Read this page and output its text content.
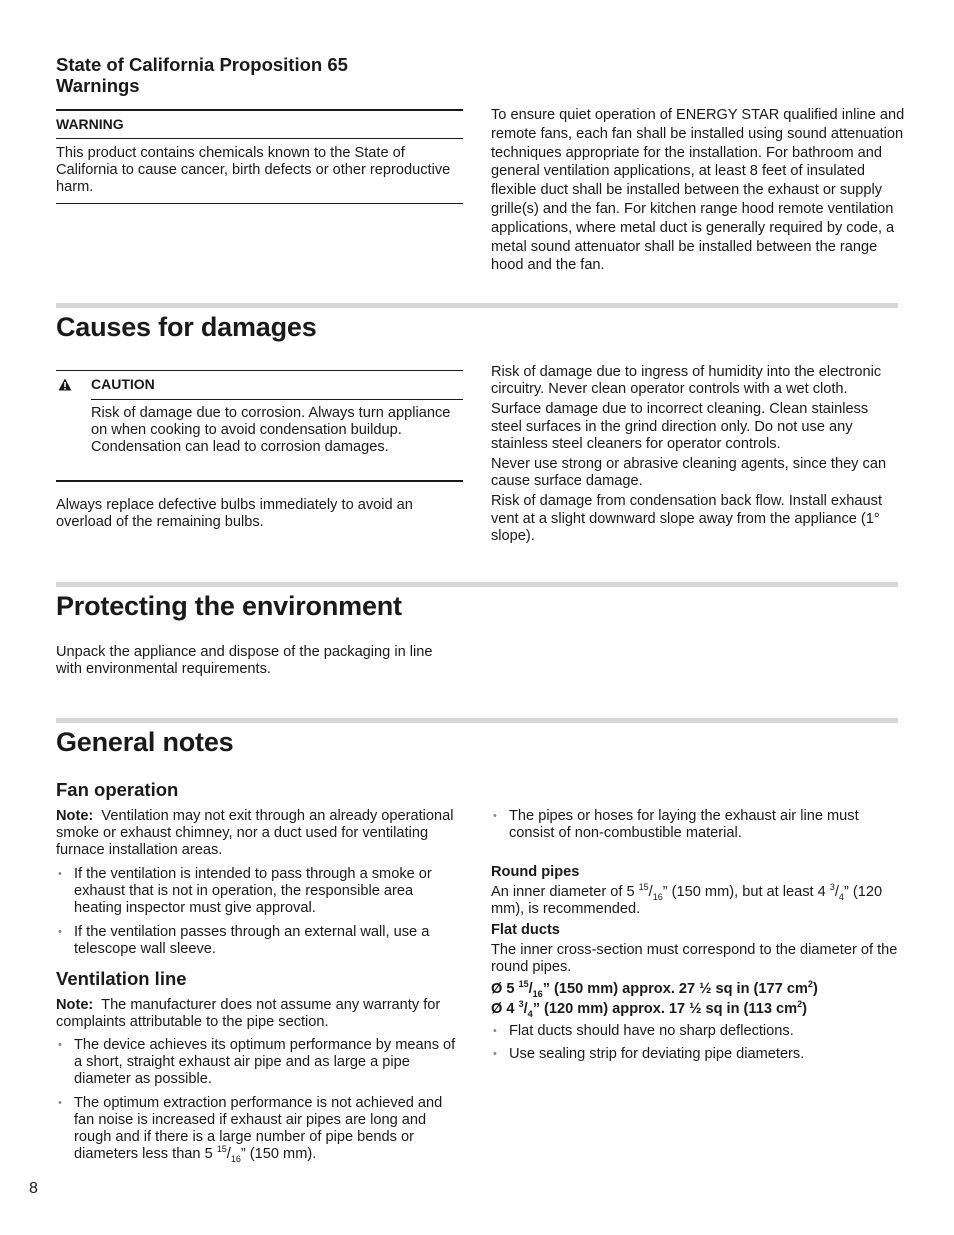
State of California Proposition 65 Warnings
WARNING

This product contains chemicals known to the State of California to cause cancer, birth defects or other reproductive harm.

To ensure quiet operation of ENERGY STAR qualified inline and remote fans, each fan shall be installed using sound attenuation techniques appropriate for the installation. For bathroom and general ventilation applications, at least 8 feet of insulated flexible duct shall be installed between the exhaust or supply grille(s) and the fan. For kitchen range hood remote ventilation applications, where metal duct is generally required by code, a metal sound attenuator shall be installed between the range hood and the fan.

Causes for damages
CAUTION

Risk of damage due to corrosion. Always turn appliance on when cooking to avoid condensation buildup. Condensation can lead to corrosion damages.

Always replace defective bulbs immediately to avoid an overload of the remaining bulbs.

Risk of damage due to ingress of humidity into the electronic circuitry. Never clean operator controls with a wet cloth.

Surface damage due to incorrect cleaning. Clean stainless steel surfaces in the grind direction only. Do not use any stainless steel cleaners for operator controls.

Never use strong or abrasive cleaning agents, since they can cause surface damage.

Risk of damage from condensation back flow. Install exhaust vent at a slight downward slope away from the appliance (1° slope).

Protecting the environment

Unpack the appliance and dispose of the packaging in line with environmental requirements.

General notes
Fan operation

Note: Ventilation may not exit through an already operational smoke or exhaust chimney, nor a duct used for ventilating furnace installation areas.

• If the ventilation is intended to pass through a smoke or exhaust that is not in operation, the responsible area heating inspector must give approval.
• If the ventilation passes through an external wall, use a telescope wall sleeve.
Ventilation line

Note: The manufacturer does not assume any warranty for complaints attributable to the pipe section.

• The device achieves its optimum performance by means of a short, straight exhaust air pipe and as large a pipe diameter as possible.
• The optimum extraction performance is not achieved and fan noise is increased if exhaust air pipes are long and rough and if there is a large number of pipe bends or diameters less than 5 $^{15}/_{16}$” (150 mm).
• The pipes or hoses for laying the exhaust air line must consist of non-combustible material.
Round pipes

An inner diameter of 5 $^{15}/_{16}$” (150 mm), but at least 4 $^3/_4$” (120 mm), is recommended.

Flat ducts

The inner cross-section must correspond to the diameter of the round pipes.

Ø 5 $^{15}/_{16}$” (150 mm) approx. 27 ½ sq in (177 $cm^2$)

Ø 4 $^3/_4$” (120 mm) approx. 17 ½ sq in (113 $cm^2$)

• Flat ducts should have no sharp deflections.
• Use sealing strip for deviating pipe diameters.
8
